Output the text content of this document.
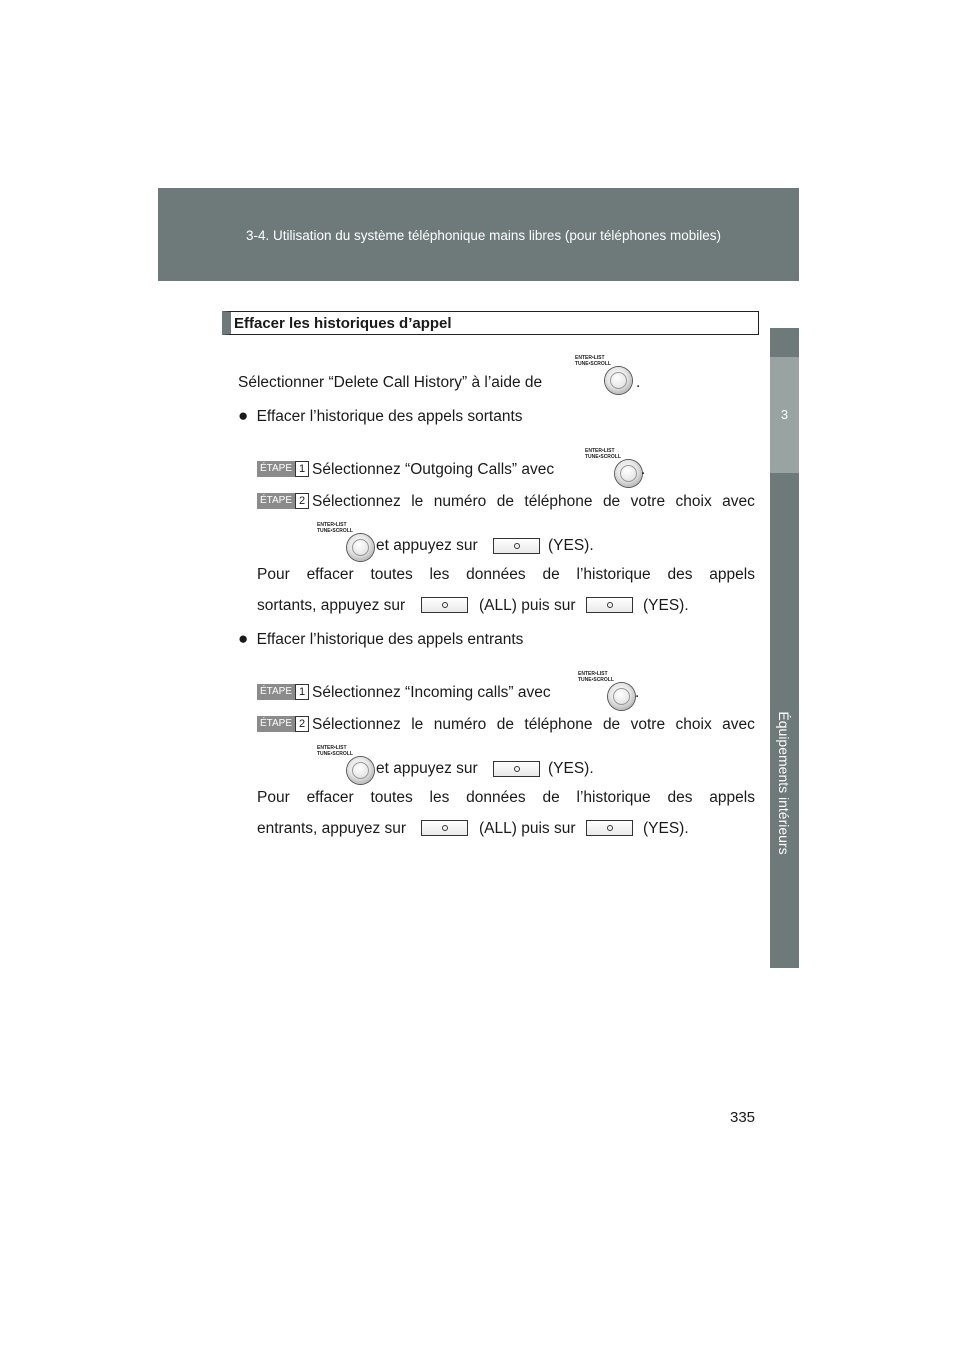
3-4. Utilisation du système téléphonique mains libres (pour téléphones mobiles)
Équipements intérieurs
3
Effacer les historiques d’appel
Sélectionner “Delete Call History” à l’aide de
ENTER•LIST
TUNE•SCROLL
.
● Effacer l’historique des appels sortants
ÉTAPE 1 Sélectionnez “Outgoing Calls” avec
ENTER•LIST
TUNE•SCROLL
.
ÉTAPE 2 Sélectionnez le numéro de téléphone de votre choix avec
ENTER•LIST
TUNE•SCROLL
et appuyez sur	(YES).
Pour effacer toutes les données de l’historique des appels
sortants, appuyez sur	(ALL) puis sur	(YES).
● Effacer l’historique des appels entrants
ÉTAPE 1 Sélectionnez “Incoming calls” avec
ENTER•LIST
TUNE•SCROLL
.
ÉTAPE 2 Sélectionnez le numéro de téléphone de votre choix avec
ENTER•LIST
TUNE•SCROLL
et appuyez sur	(YES).
Pour effacer toutes les données de l’historique des appels
entrants, appuyez sur	(ALL) puis sur	(YES).
335
